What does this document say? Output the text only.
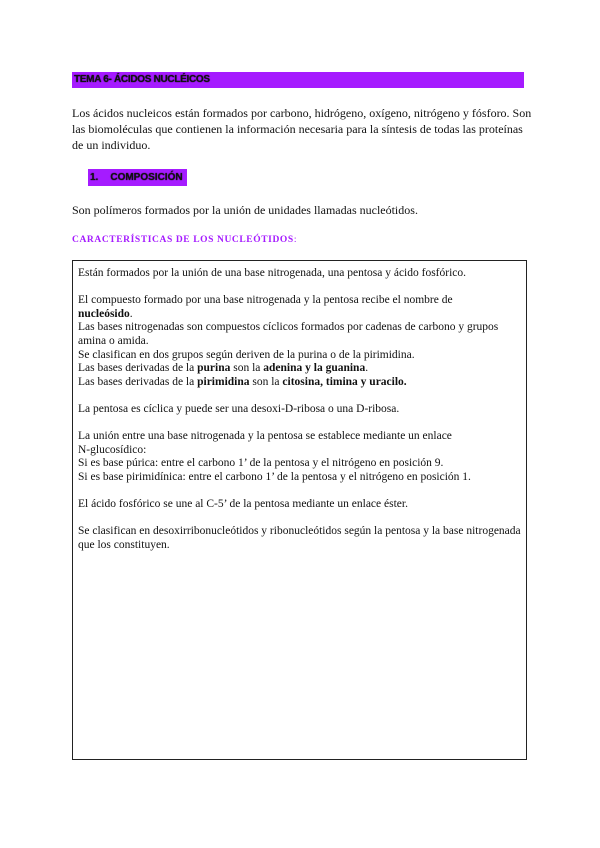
TEMA 6- ÁCIDOS NUCLÉICOS
Los ácidos nucleicos están formados por carbono, hidrógeno, oxígeno, nitrógeno y fósforo. Son las biomoléculas que contienen la información necesaria para la síntesis de todas las proteínas de un individuo.
1. COMPOSICIÓN
Son polímeros formados por la unión de unidades llamadas nucleótidos.
CARACTERÍSTICAS DE LOS NUCLEÓTIDOS:

Están formados por la unión de una base nitrogenada, una pentosa y ácido fosfórico.

El compuesto formado por una base nitrogenada y la pentosa recibe el nombre de
nucleósido.

Las bases nitrogenadas son compuestos cíclicos formados por cadenas de carbono y grupos amina o amida.

Se clasifican en dos grupos según deriven de la purina o de la pirimidina.

Las bases derivadas de la purina son la adenina y la guanina.

Las bases derivadas de la pirimidina son la citosina, timina y uracilo.

La pentosa es cíclica y puede ser una desoxi-D-ribosa o una D-ribosa.

La unión entre una base nitrogenada y la pentosa se establece mediante un enlace
N-glucosídico:

Si es base púrica: entre el carbono 1’ de la pentosa y el nitrógeno en posición 9.

Si es base pirimidínica: entre el carbono 1’ de la pentosa y el nitrógeno en posición 1.

El ácido fosfórico se une al C-5’ de la pentosa mediante un enlace éster.

Se clasifican en desoxirribonucleótidos y ribonucleótidos según la pentosa y la base nitrogenada que los constituyen.
